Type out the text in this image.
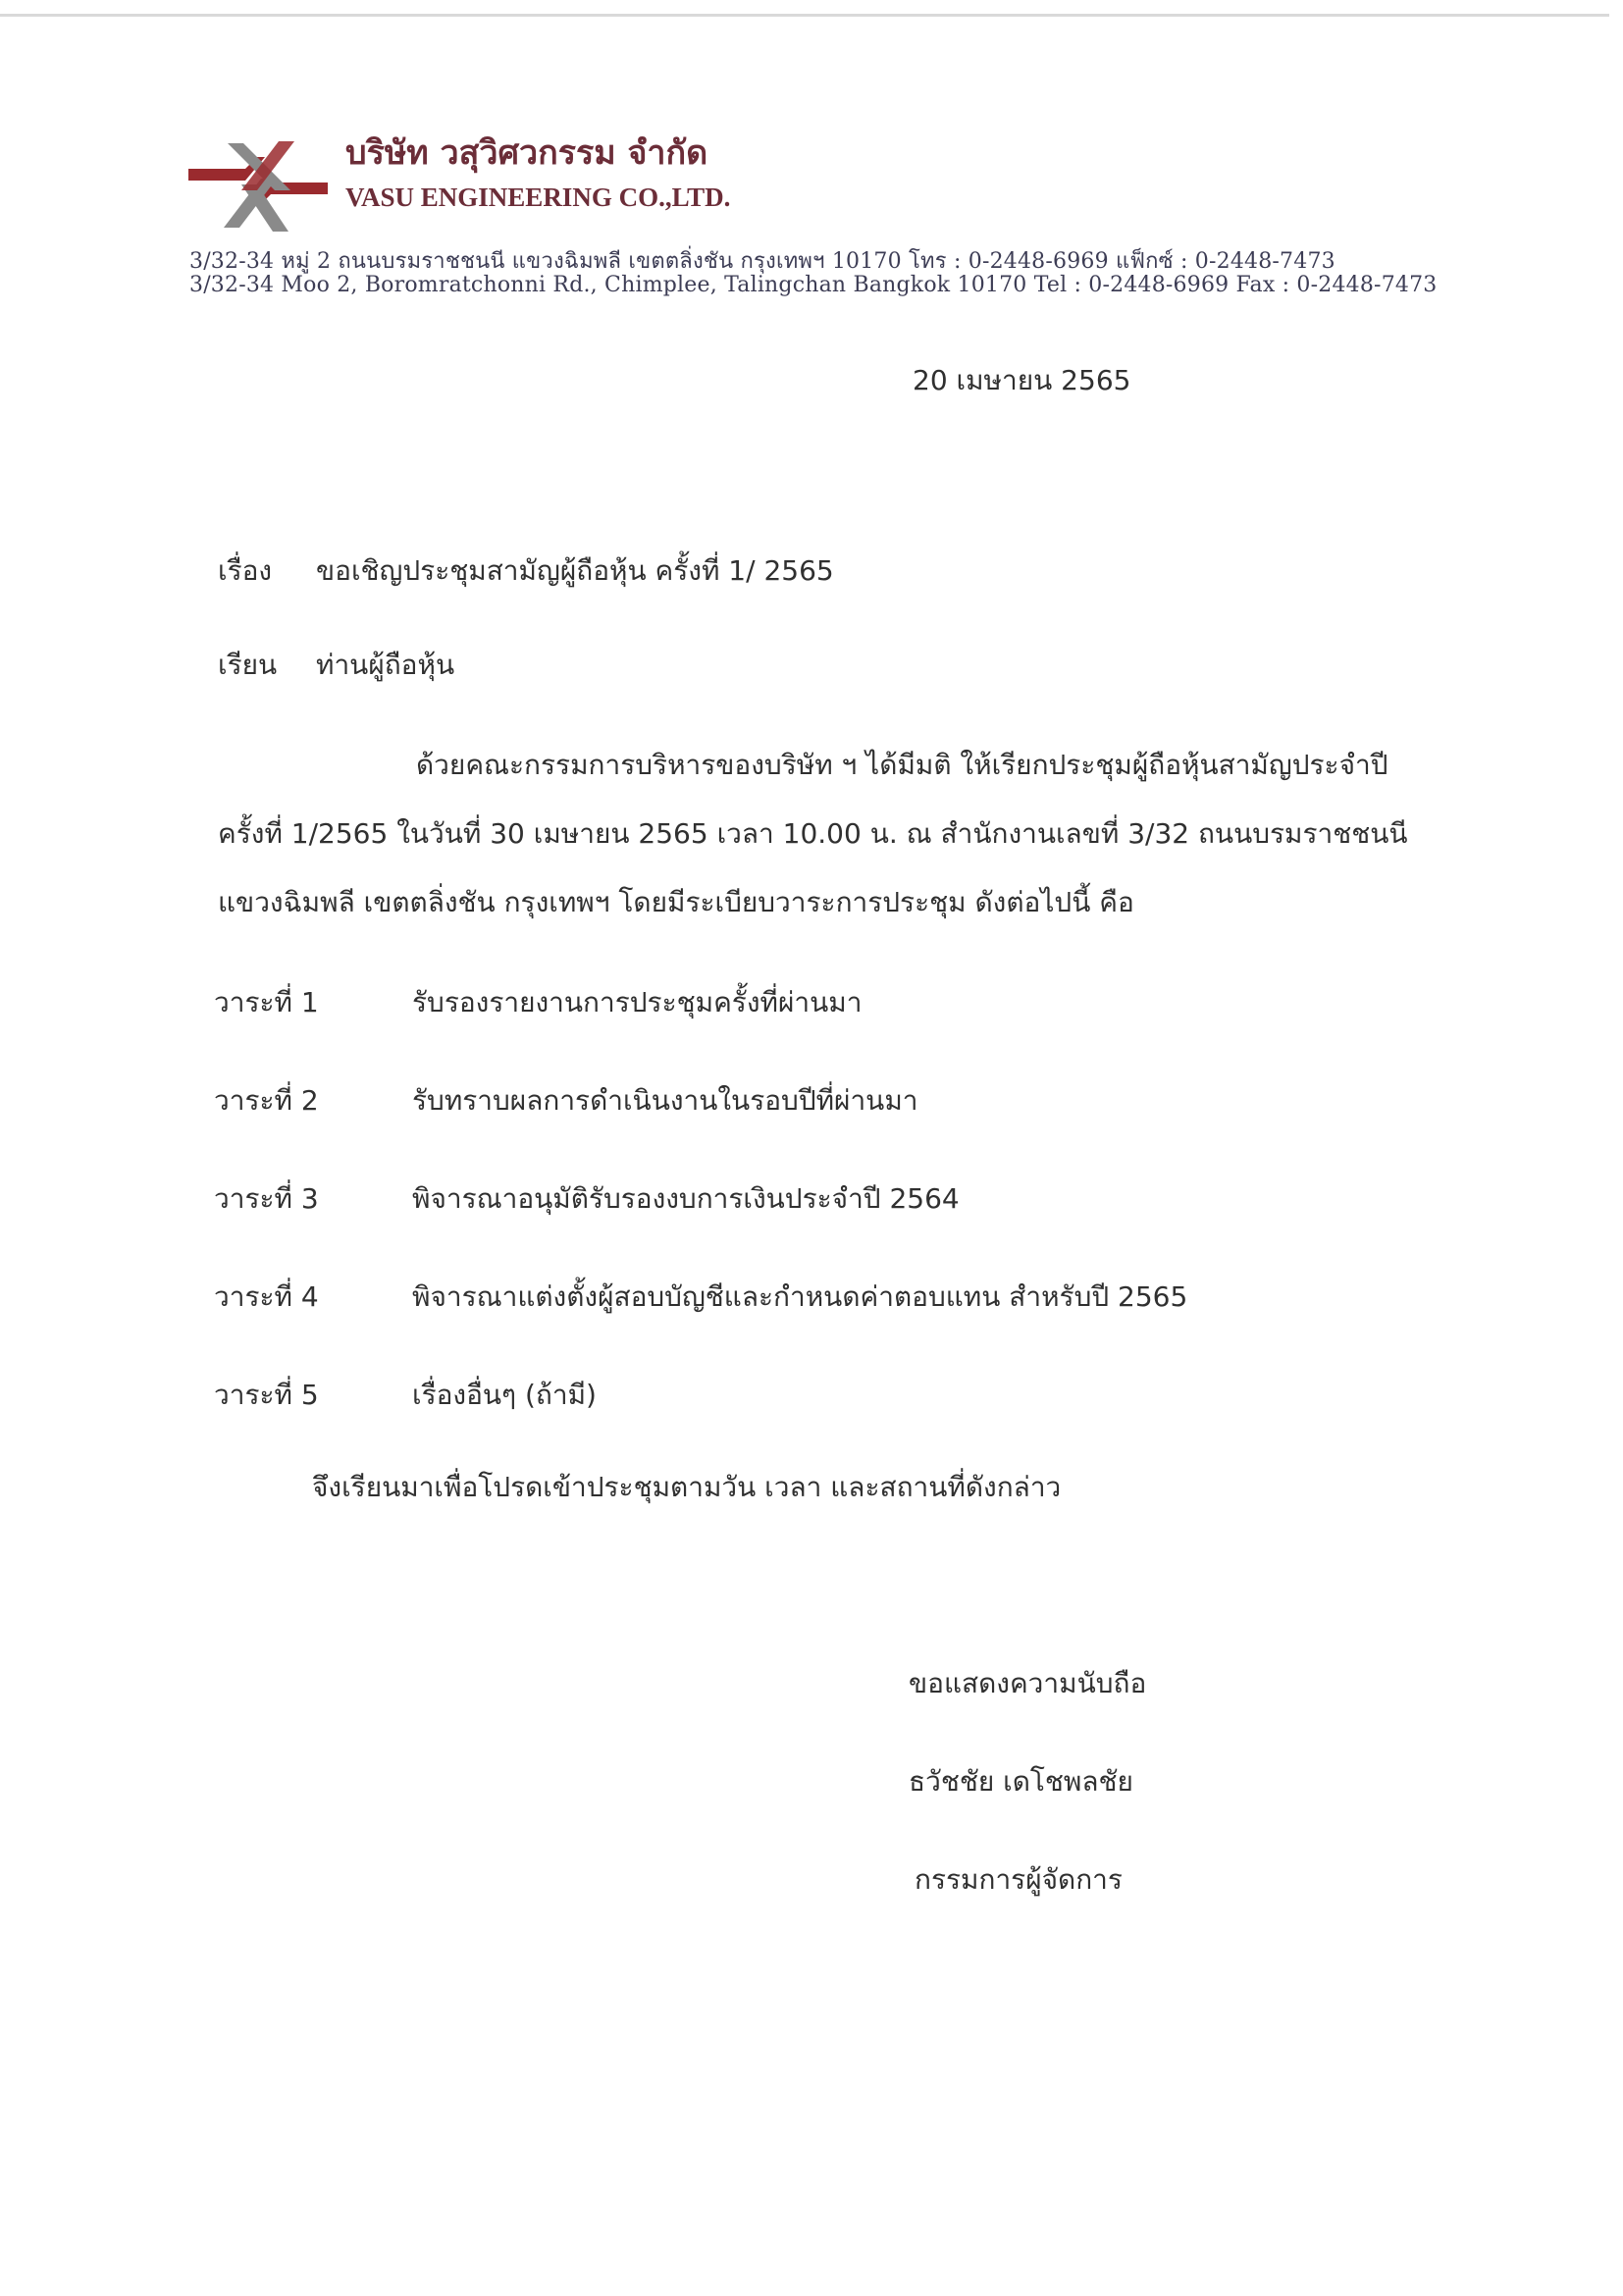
บริษัท วสุวิศวกรรม จำกัด
VASU ENGINEERING CO.,LTD.
3/32-34 หมู่ 2 ถนนบรมราชชนนี แขวงฉิมพลี เขตตลิ่งชัน กรุงเทพฯ 10170 โทร : 0-2448-6969 แฟ็กซ์ : 0-2448-7473
3/32-34 Moo 2, Boromratchonni Rd., Chimplee, Talingchan Bangkok 10170 Tel : 0-2448-6969 Fax : 0-2448-7473
20 เมษายน 2565
เรื่อง ขอเชิญประชุมสามัญผู้ถือหุ้น ครั้งที่ 1/ 2565
เรียน ท่านผู้ถือหุ้น
ด้วยคณะกรรมการบริหารของบริษัท ฯ ได้มีมติ ให้เรียกประชุมผู้ถือหุ้นสามัญประจำปี
ครั้งที่ 1/2565 ในวันที่ 30 เมษายน 2565 เวลา 10.00 น. ณ สำนักงานเลขที่ 3/32 ถนนบรมราชชนนี
แขวงฉิมพลี เขตตลิ่งชัน กรุงเทพฯ โดยมีระเบียบวาระการประชุม ดังต่อไปนี้ คือ
วาระที่ 1	รับรองรายงานการประชุมครั้งที่ผ่านมา
วาระที่ 2	รับทราบผลการดำเนินงานในรอบปีที่ผ่านมา
วาระที่ 3	พิจารณาอนุมัติรับรองงบการเงินประจำปี 2564
วาระที่ 4	พิจารณาแต่งตั้งผู้สอบบัญชีและกำหนดค่าตอบแทน สำหรับปี 2565
วาระที่ 5	เรื่องอื่นๆ (ถ้ามี)
จึงเรียนมาเพื่อโปรดเข้าประชุมตามวัน เวลา และสถานที่ดังกล่าว
ขอแสดงความนับถือ
ธวัชชัย เดโชพลชัย
กรรมการผู้จัดการ
